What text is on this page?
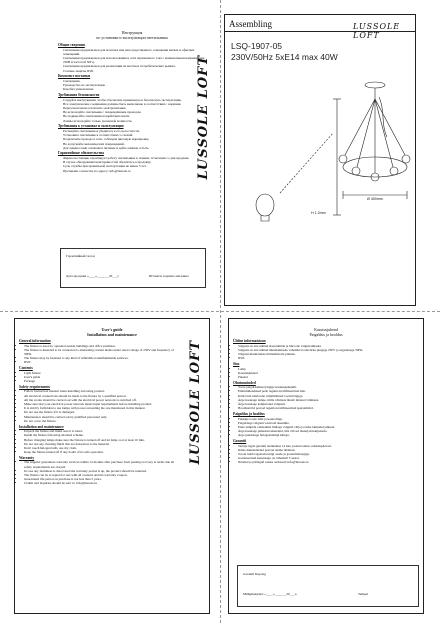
Инструкция
по установке и эксплуатации светильника
Общие сведения
• Светильник предназначен для монтажа или непосредственного освещения жилых и офисных помещений.
• Светильник предназначен для использования в сети переменного тока с номинальным напряжением 230В и частотой 50Гц.
• Светильник предназначен для реализации на местных потребительских рынках.
• Степень защиты IP20.
Комплект поставки
• Светильник.
• Руководство по эксплуатации.
• Коробка упаковочная.
Требования безопасности
• Следуйте инструкциям, чтобы обеспечить правильную и безопасную эксплуатацию.
• Все электрические соединения должны быть выполнены в соответствии с нормами.
• Перед монтажом отключите электропитание.
• Не используйте светильник с повреждённым проводом.
• Не подвергайте светильник воздействию влаги.
• Лампы используйте только указанной мощности.
Требования к установке и эксплуатации
• Распакуйте светильник и убедитесь в его целостности.
• Установите светильник в соответствии со схемой.
• Подключите провода к сети, соблюдая цветовую маркировку.
• Не допускайте механических повреждений.
• Для замены ламп отключите питание и дайте лампам остыть.
Гарантийные обязательства
• Фирма-поставщик гарантирует работу светильника в течение 12 месяцев со дня продажи.
• В случае обнаружения неисправностей обратитесь к продавцу.
• Срок службы при правильной эксплуатации не менее 5 лет.
• Претензии о качестве по адресу: info@lussole.ru
Гарантийный талон
Дата продажи «____»_______20___г.	Штамп и подпись магазина
LUSSOLE LOFT
Assembling	LUSSOLE LOFT
LSQ-1907-05
230V/50Hz 5xE14 max 40W
Ø 400mm
H 1.2mm
User's guide
Installation and maintenance
General information
• The fixture is used for operation inside buildings and office premises.
• The fixture is intended to be connected to alternating current mains under rated voltage of 230V and frequency of 50Hz.
• The fixture may be fastened to any kind of inflexible noninflammable surfaces.
• IP20.
Contents
• Light fixture
• User's guide
• Package
Safety requirements
• Follow instruction manual when installing and using product.
• All electrical connections should be made to the fixture by a qualified person.
• All the works should be carried out with the electrical power network is switched off.
• Make sure that your electrical power network meets input requirements before installing product.
• It is strictly forbidden to use lamps with power exceeding the one mentioned in this manual.
• Do not use the fixture if it is damaged.
• Maintenance should be carried out by qualified personnel only.
• Do not cover the fixture.
Installation and maintenance
• Unpack the fixture and make sure it is intact.
• Install the fixture following attached scheme.
• Before changing lamps make sure the fixture is turned off and let lamp cool at least 10 min.
• Do not use any cleaning fluids that are hazardous to the material.
• Don't touch halogen bulb, use dry cloth.
• Keep the fixture turned off if any doubt of its safe operation.
Warranty
• The supplier guarantees warranty services within 12 months after purchase from passing recovery at terms due all safety requirements are obeyed.
• In case any faultiness is discovered the warranty period is up, the product should be returned.
• The fixture can be accepted for test with all contents and the warranty coupon.
• Guaranteed life period on purchase is not less than 5 years.
• Claims and inquiries should be sent to: info@lussole.ru
LUSSOLE LOFT
Kasutusjuhend
Paigaldus ja hooldus
Üldine informatsioon
• Valgusti on ette nähtud siseruumide ja büroode valgustamiseks.
• Valgusti on ette nähtud ühendamiseks vahelduvvooluvõrku pingega 230V ja sagedusega 50Hz.
• Valgusti kinnitatakse mittesüttivale pinnale.
• IP20.
Sisu
• Lamp
• Kasutusjuhend
• Pakend
Ohutusnõuded
• Toote paigaldamisel järgige kasutusjuhendit.
• Elektriühendused peab tegema kvalifitseeritud isik.
• Kõik tööd tuleb teha väljalülitatud vooluvõrguga.
• Ärge kasutage lampe, mille võimsus ületab lubatud võimsust.
• Ärge kasutage kahjustatud valgustit.
• Hooldustööd peavad tegema kvalifitseeritud spetsialistid.
Paigaldus ja hooldus
• Pakkige toode lahti ja kontrollige.
• Paigaldage valgusti vastavalt skeemile.
• Enne lampide vahetamist lülitage valgusti välja ja laske lampidel jahtuda.
• Ärge kasutage puhastusvahendeid, mis võivad materjali kahjustada.
• Ärge puudutage halogeenlampi kätega.
Garantii
• Tarnija tagab garantii teeninduse 12 kuu jooksul alates ostukuupäevast.
• Kõik ohutusnõuded peavad olema täidetud.
• Toode tuleb tagastada kõigi osade ja garantiitalongiga.
• Garanteeritud kasutusiga on vähemalt 5 aastat.
• Nõuded ja päringud saatke aadressil: info@lussole.ru
Garantii Kupong
Müügikuupäev «____»_______20___a.	Tempel
